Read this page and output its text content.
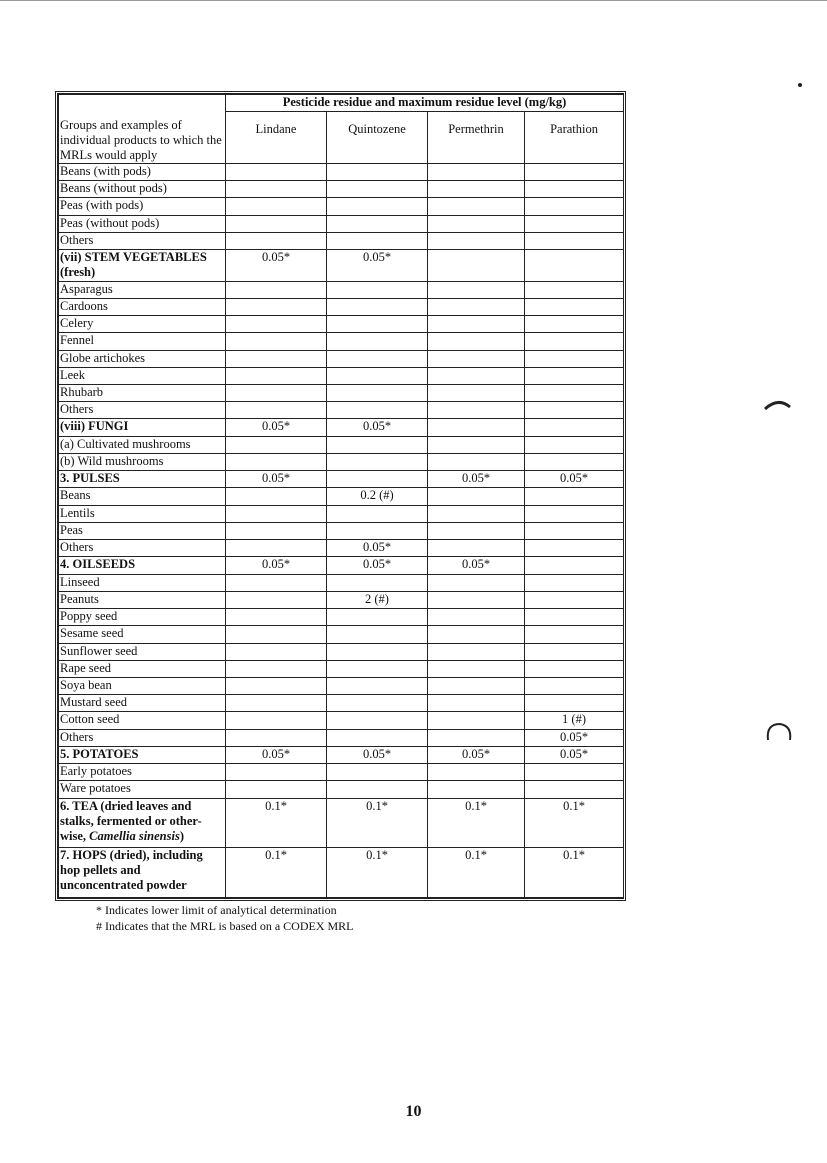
Groups and examples of individual products to which the MRLs would apply	Pesticide residue and maximum residue level (mg/kg)			
	Lindane	Quintozene	Permethrin	Parathion
Beans (with pods)				
Beans (without pods)				
Peas (with pods)				
Peas (without pods)				
Others				
(vii) STEM VEGETABLES (fresh)	0.05*	0.05*		
Asparagus				
Cardoons				
Celery				
Fennel				
Globe artichokes				
Leek				
Rhubarb				
Others				
(viii) FUNGI	0.05*	0.05*		
(a) Cultivated mushrooms				
(b) Wild mushrooms				
3. PULSES	0.05*		0.05*	0.05*
Beans		0.2 (#)		
Lentils				
Peas				
Others		0.05*		
4. OILSEEDS	0.05*	0.05*	0.05*	
Linseed				
Peanuts		2 (#)		
Poppy seed				
Sesame seed				
Sunflower seed				
Rape seed				
Soya bean				
Mustard seed				
Cotton seed				1 (#)
Others				0.05*
5. POTATOES	0.05*	0.05*	0.05*	0.05*
Early potatoes				
Ware potatoes				
6. TEA (dried leaves and stalks, fermented or other-wise, Camellia sinensis)	0.1*	0.1*	0.1*	0.1*
7. HOPS (dried), including hop pellets and unconcentrated powder	0.1*	0.1*	0.1*	0.1*
* Indicates lower limit of analytical determination
# Indicates that the MRL is based on a CODEX MRL
10
